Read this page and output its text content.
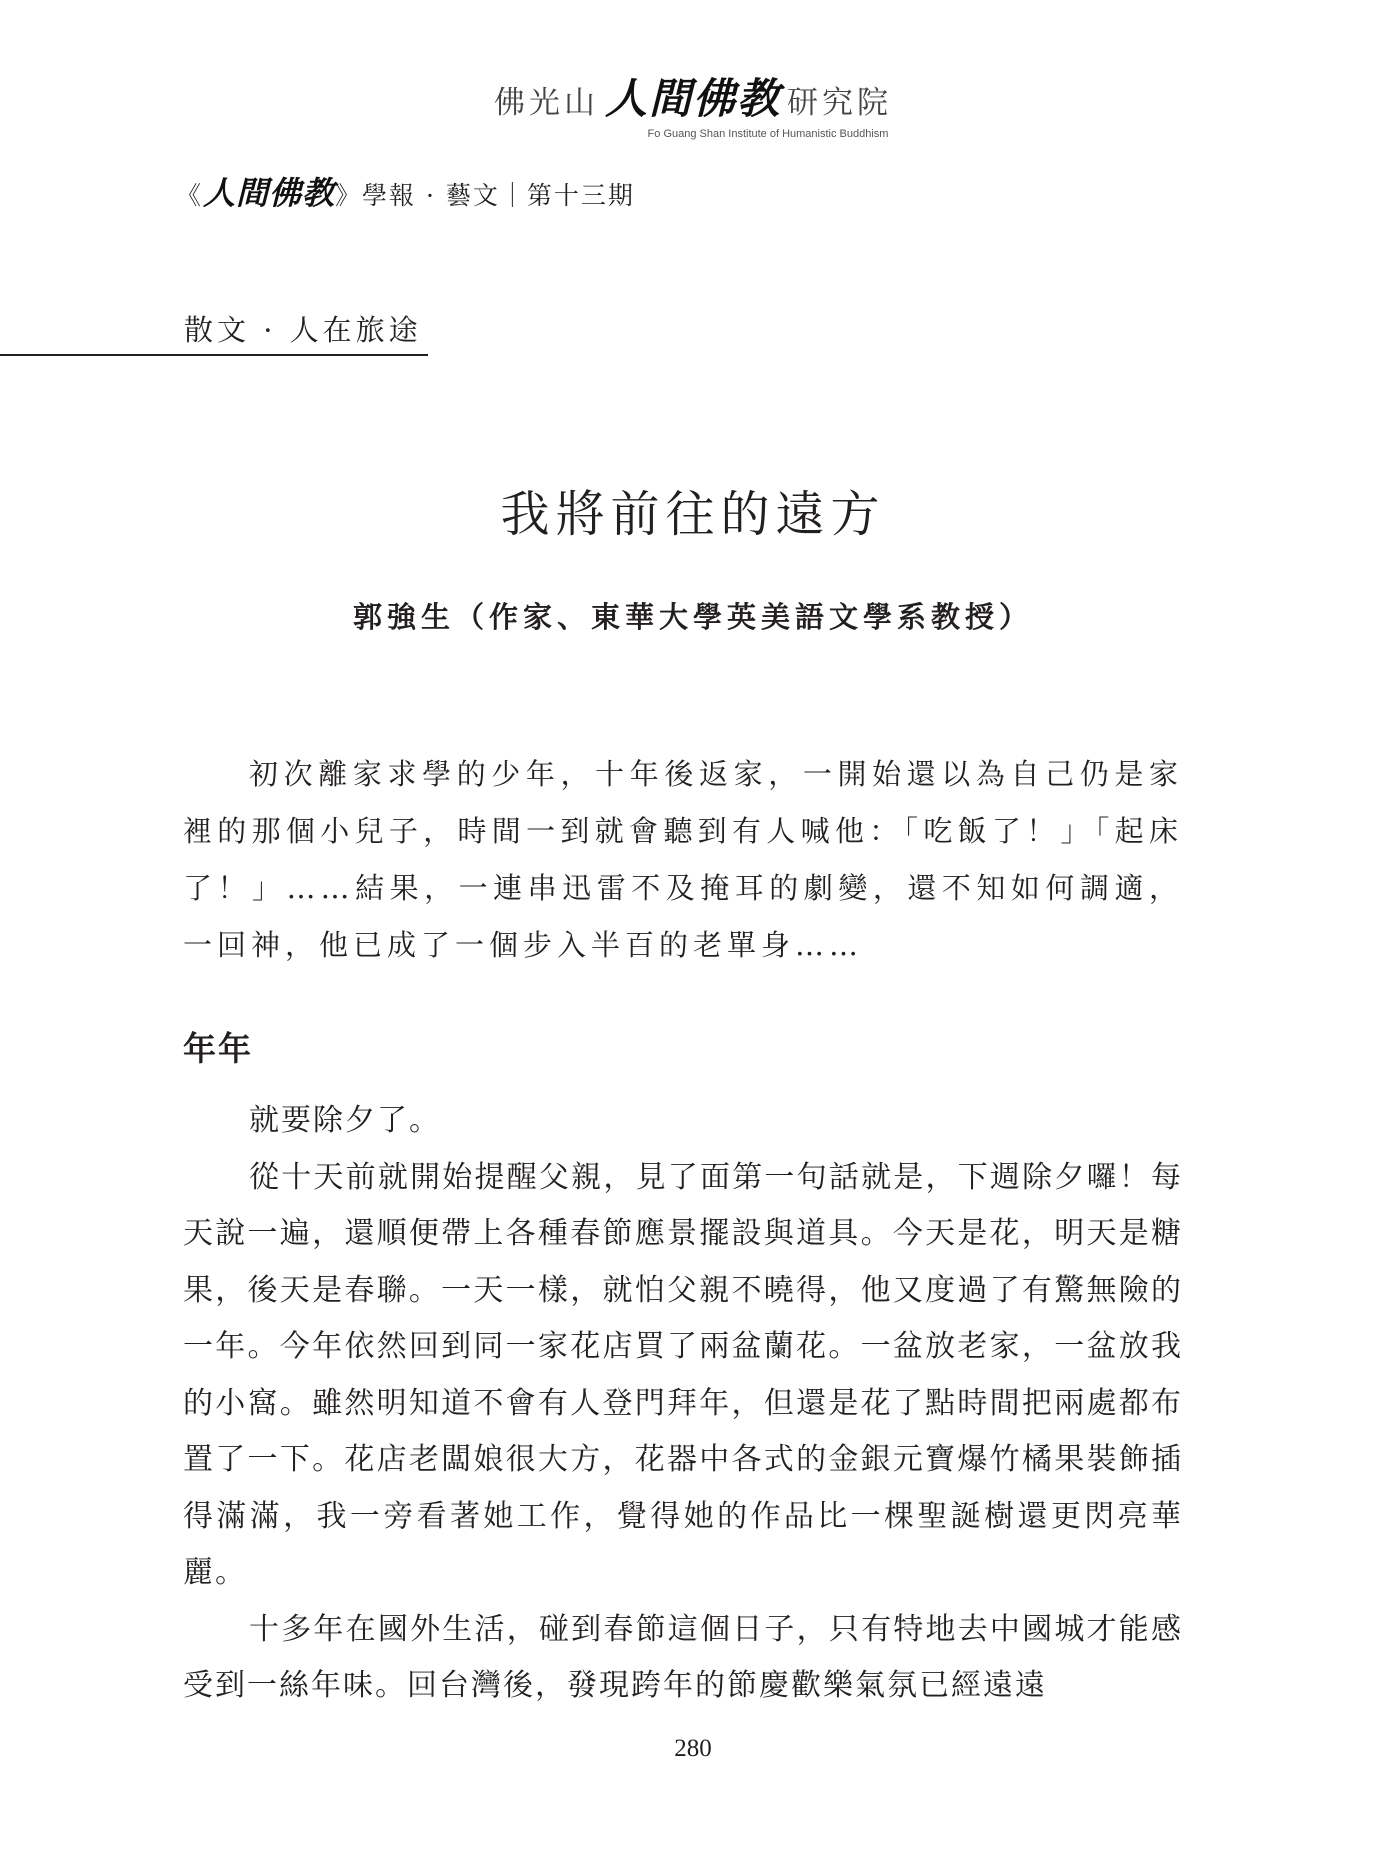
佛光山 人間佛教 研究院
Fo Guang Shan Institute of Humanistic Buddhism
《 人間佛教 》 學報 · 藝文｜第十三期
散文 · 人在旅途
我將前往的遠方
郭強生（作家、東華大學英美語文學系教授）

初次離家求學的少年，十年後返家，一開始還以為自己仍是家裡的那個小兒子，時間一到就會聽到有人喊他：「吃飯了！」「起床了！」……結果，一連串迅雷不及掩耳的劇變，還不知如何調適，一回神，他已成了一個步入半百的老單身……

年年

就要除夕了。

從十天前就開始提醒父親，見了面第一句話就是，下週除夕囉！每天說一遍，還順便帶上各種春節應景擺設與道具。今天是花，明天是糖果，後天是春聯。一天一樣，就怕父親不曉得，他又度過了有驚無險的一年。今年依然回到同一家花店買了兩盆蘭花。一盆放老家，一盆放我的小窩。雖然明知道不會有人登門拜年，但還是花了點時間把兩處都布置了一下。花店老闆娘很大方，花器中各式的金銀元寶爆竹橘果裝飾插得滿滿，我一旁看著她工作，覺得她的作品比一棵聖誕樹還更閃亮華麗。

十多年在國外生活，碰到春節這個日子，只有特地去中國城才能感受到一絲年味。回台灣後，發現跨年的節慶歡樂氣氛已經遠遠

280
